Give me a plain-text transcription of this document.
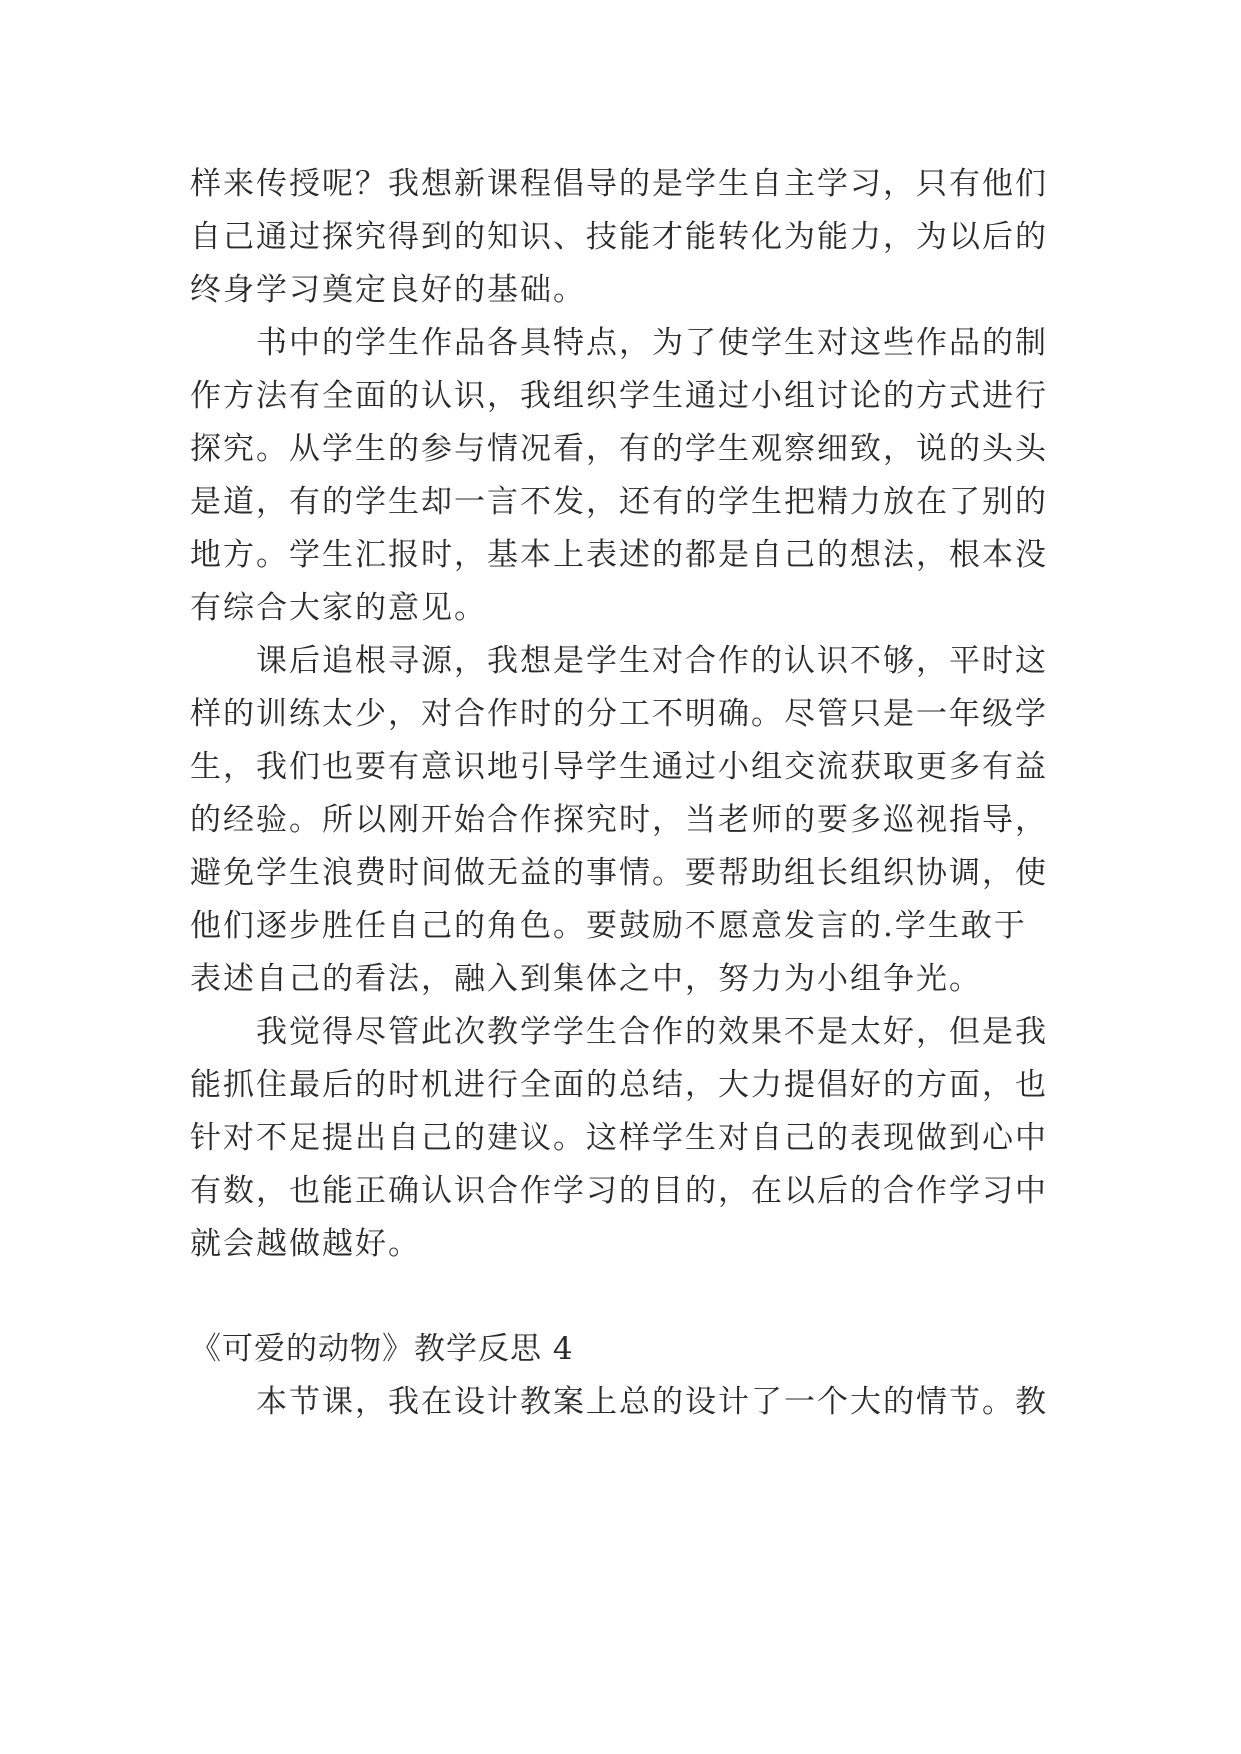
样来传授呢？我想新课程倡导的是学生自主学习，只有他们
自己通过探究得到的知识、技能才能转化为能力，为以后的
终身学习奠定良好的基础。
书中的学生作品各具特点，为了使学生对这些作品的制
作方法有全面的认识，我组织学生通过小组讨论的方式进行
探究。从学生的参与情况看，有的学生观察细致，说的头头
是道，有的学生却一言不发，还有的学生把精力放在了别的
地方。学生汇报时，基本上表述的都是自己的想法，根本没
有综合大家的意见。
课后追根寻源，我想是学生对合作的认识不够，平时这
样的训练太少，对合作时的分工不明确。尽管只是一年级学
生，我们也要有意识地引导学生通过小组交流获取更多有益
的经验。所以刚开始合作探究时，当老师的要多巡视指导，
避免学生浪费时间做无益的事情。要帮助组长组织协调，使
他们逐步胜任自己的角色。要鼓励不愿意发言的.学生敢于
表述自己的看法，融入到集体之中，努力为小组争光。
我觉得尽管此次教学学生合作的效果不是太好，但是我
能抓住最后的时机进行全面的总结，大力提倡好的方面，也
针对不足提出自己的建议。这样学生对自己的表现做到心中
有数，也能正确认识合作学习的目的，在以后的合作学习中
就会越做越好。
《可爱的动物》教学反思 4
本节课，我在设计教案上总的设计了一个大的情节。教
